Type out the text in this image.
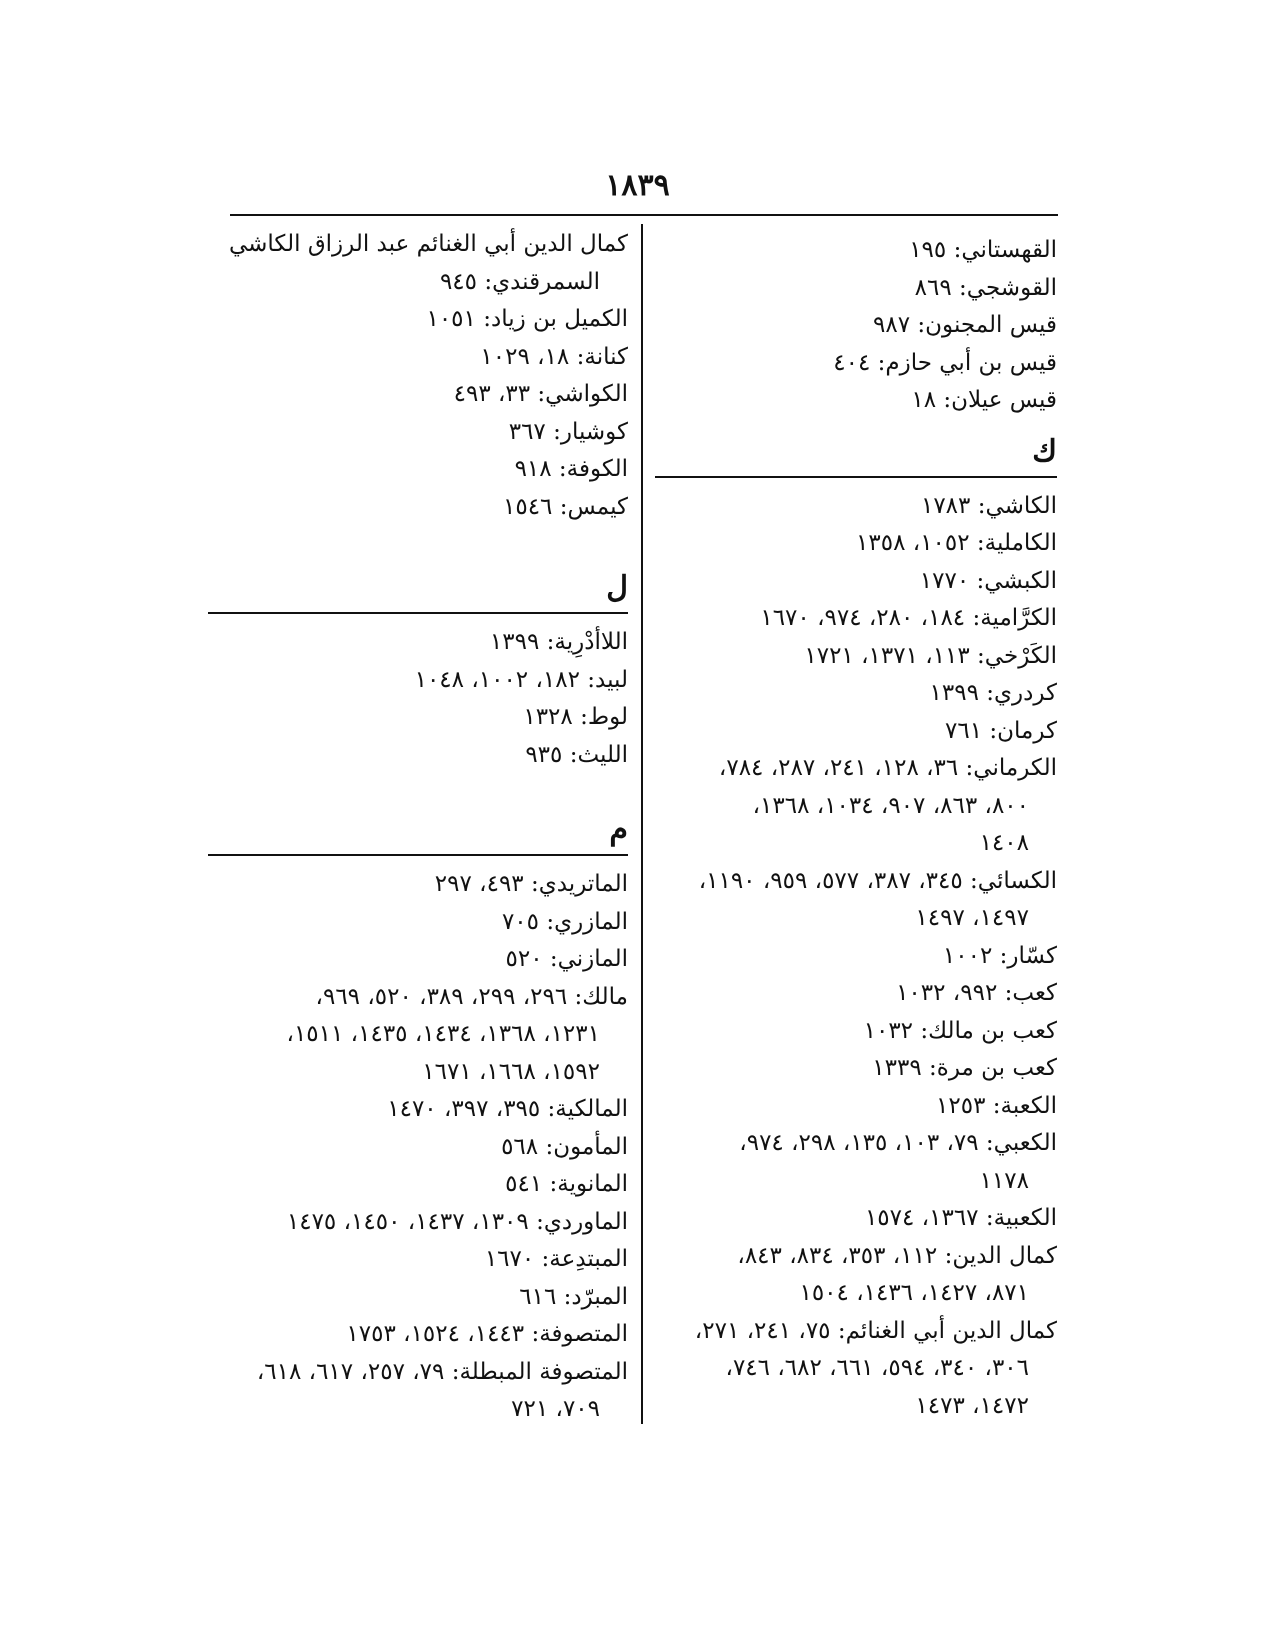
١٨٣٩
القهستاني: ١٩٥
القوشجي: ٨٦٩
قيس المجنون: ٩٨٧
قيس بن أبي حازم: ٤٠٤
قيس عيلان: ١٨
ك
الكاشي: ١٧٨٣
الكاملية: ١٠٥٢، ١٣٥٨
الكبشي: ١٧٧٠
الكرَّامية: ١٨٤، ٢٨٠، ٩٧٤، ١٦٧٠
الكَرْخي: ١١٣، ١٣٧١، ١٧٢١
كردري: ١٣٩٩
كرمان: ٧٦١
الكرماني: ٣٦، ١٢٨، ٢٤١، ٢٨٧، ٧٨٤،
٨٠٠، ٨٦٣، ٩٠٧، ١٠٣٤، ١٣٦٨،
١٤٠٨
الكسائي: ٣٤٥، ٣٨٧، ٥٧٧، ٩٥٩، ١١٩٠،
١٤٩٧، ١٤٩٧
كسّار: ١٠٠٢
كعب: ٩٩٢، ١٠٣٢
كعب بن مالك: ١٠٣٢
كعب بن مرة: ١٣٣٩
الكعبة: ١٢٥٣
الكعبي: ٧٩، ١٠٣، ١٣٥، ٢٩٨، ٩٧٤،
١١٧٨
الكعبية: ١٣٦٧، ١٥٧٤
كمال الدين: ١١٢، ٣٥٣، ٨٣٤، ٨٤٣،
٨٧١، ١٤٢٧، ١٤٣٦، ١٥٠٤
كمال الدين أبي الغنائم: ٧٥، ٢٤١، ٢٧١،
٣٠٦، ٣٤٠، ٥٩٤، ٦٦١، ٦٨٢، ٧٤٦،
١٤٧٢، ١٤٧٣
كمال الدين أبي الغنائم عبد الرزاق الكاشي
السمرقندي: ٩٤٥
الكميل بن زياد: ١٠٥١
كنانة: ١٨، ١٠٢٩
الكواشي: ٣٣، ٤٩٣
كوشيار: ٣٦٧
الكوفة: ٩١٨
كيمس: ١٥٤٦
ل
اللاأدْرِية: ١٣٩٩
لبيد: ١٨٢، ١٠٠٢، ١٠٤٨
لوط: ١٣٢٨
الليث: ٩٣٥
م
الماتريدي: ٤٩٣، ٢٩٧
المازري: ٧٠٥
المازني: ٥٢٠
مالك: ٢٩٦، ٢٩٩، ٣٨٩، ٥٢٠، ٩٦٩،
١٢٣١، ١٣٦٨، ١٤٣٤، ١٤٣٥، ١٥١١،
١٥٩٢، ١٦٦٨، ١٦٧١
المالكية: ٣٩٥، ٣٩٧، ١٤٧٠
المأمون: ٥٦٨
المانوية: ٥٤١
الماوردي: ١٣٠٩، ١٤٣٧، ١٤٥٠، ١٤٧٥
المبتدِعة: ١٦٧٠
المبرّد: ٦١٦
المتصوفة: ١٤٤٣، ١٥٢٤، ١٧٥٣
المتصوفة المبطلة: ٧٩، ٢٥٧، ٦١٧، ٦١٨،
٧٠٩، ٧٢١
